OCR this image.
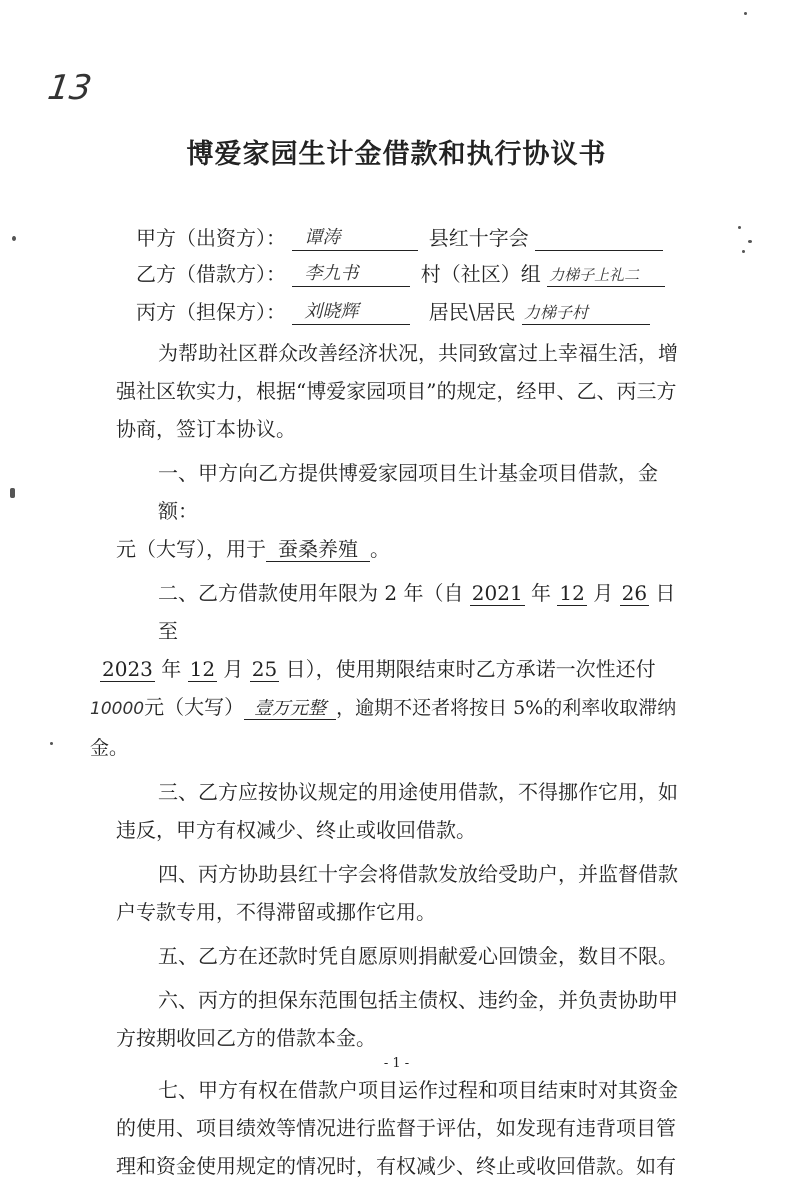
13
博爱家园生计金借款和执行协议书
甲方（出资方）： 谭涛	县红十字会
乙方（借款方）： 李九书	村（社区）组 力梯子上礼二
丙方（担保方）： 刘晓辉	居民\居民 力梯子村
为帮助社区群众改善经济状况，共同致富过上幸福生活，增
强社区软实力，根据“博爱家园项目”的规定，经甲、乙、丙三方
协商，签订本协议。
一、甲方向乙方提供博爱家园项目生计基金项目借款，金额：
元（大写），用于 蚕桑养殖 。
二、乙方借款使用年限为 2 年（自 2021 年 12 月 26 日至
2023 年 12 月 25 日），使用期限结束时乙方承诺一次性还付
10000元（大写） 壹万元整 ，逾期不还者将按日 5%的利率收取滞纳金。
三、乙方应按协议规定的用途使用借款，不得挪作它用，如
违反，甲方有权减少、终止或收回借款。
四、丙方协助县红十字会将借款发放给受助户，并监督借款
户专款专用，不得滞留或挪作它用。
五、乙方在还款时凭自愿原则捐献爱心回馈金，数目不限。
六、丙方的担保东范围包括主债权、违约金，并负责协助甲
方按期收回乙方的借款本金。
七、甲方有权在借款户项目运作过程和项目结束时对其资金
的使用、项目绩效等情况进行监督于评估，如发现有违背项目管
理和资金使用规定的情况时，有权减少、终止或收回借款。如有
- 1 -
